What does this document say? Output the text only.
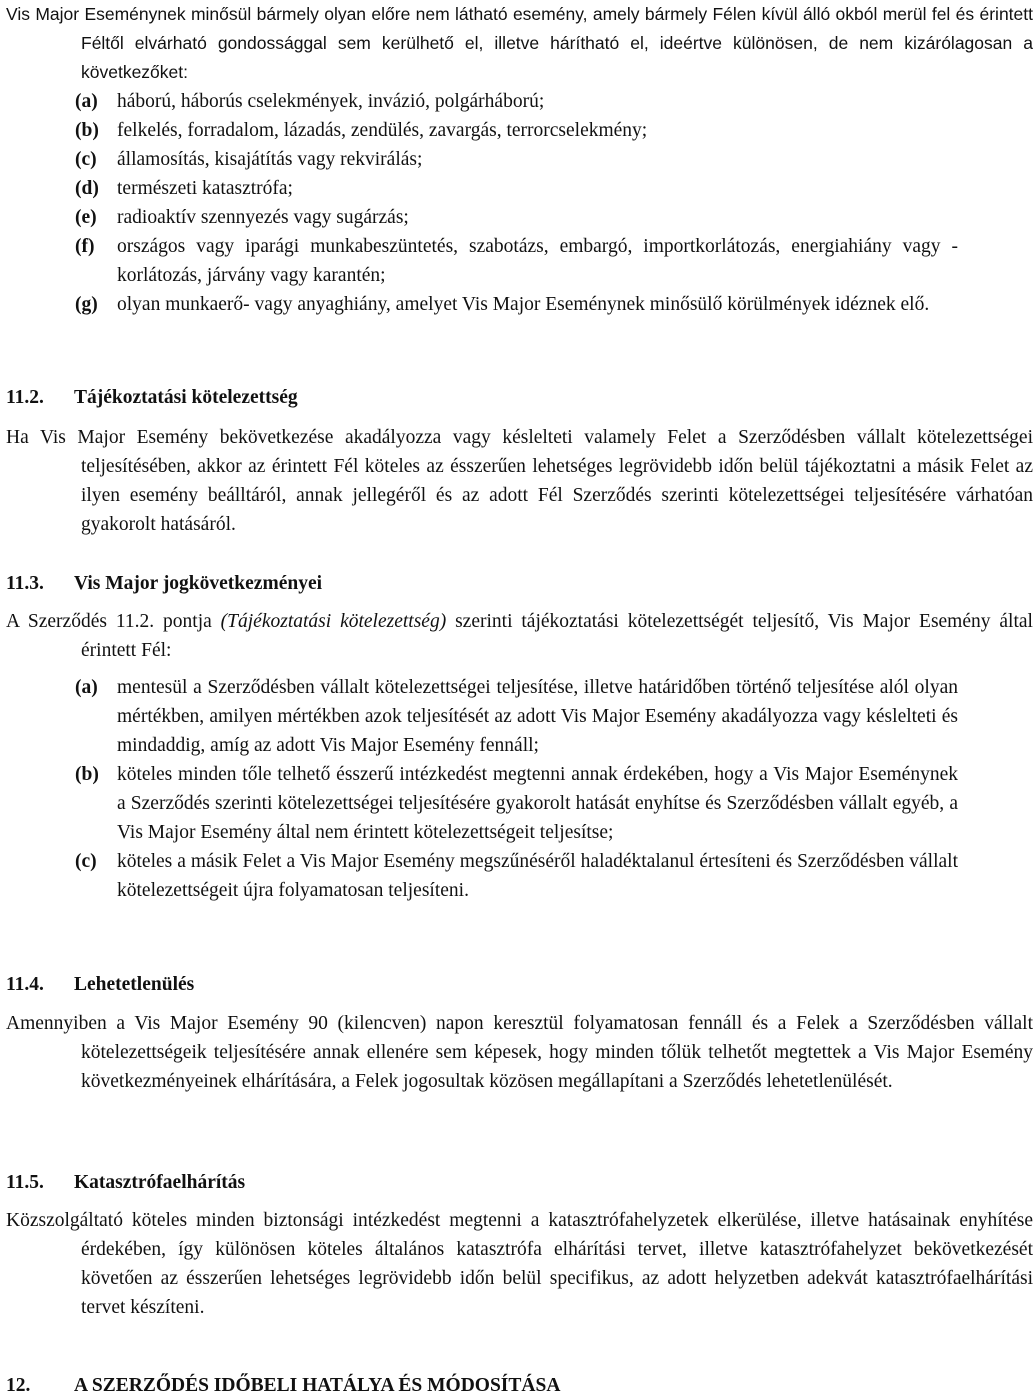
Vis Major Eseménynek minősül bármely olyan előre nem látható esemény, amely bármely Félen kívül álló okból merül fel és érintett Féltől elvárható gondossággal sem kerülhető el, illetve hárítható el, ideértve különösen, de nem kizárólagosan a következőket:
(a) háború, háborús cselekmények, invázió, polgárháború;
(b) felkelés, forradalom, lázadás, zendülés, zavargás, terrorcselekmény;
(c)	államosítás, kisajátítás vagy rekvirálás;
(d) természeti katasztrófa;
(e)	radioaktív szennyezés vagy sugárzás;
(f)	országos vagy iparági munkabeszüntetés, szabotázs, embargó, importkorlátozás, energiahiány vagy -korlátozás, járvány vagy karantén;
(g) olyan munkaerő- vagy anyaghiány, amelyet Vis Major Eseménynek minősülő körülmények idéznek elő.
11.2.	Tájékoztatási kötelezettség
Ha Vis Major Esemény bekövetkezése akadályozza vagy késlelteti valamely Felet a Szerződésben vállalt kötelezettségei teljesítésében, akkor az érintett Fél köteles az ésszerűen lehetséges legrövidebb időn belül tájékoztatni a másik Felet az ilyen esemény beálltáról, annak jellegéről és az adott Fél Szerződés szerinti kötelezettségei teljesítésére várhatóan gyakorolt hatásáról.
11.3.	Vis Major jogkövetkezményei
A Szerződés 11.2. pontja (Tájékoztatási kötelezettség) szerinti tájékoztatási kötelezettségét teljesítő, Vis Major Esemény által érintett Fél:
(a) mentesül a Szerződésben vállalt kötelezettségei teljesítése, illetve határidőben történő teljesítése alól olyan mértékben, amilyen mértékben azok teljesítését az adott Vis Major Esemény akadályozza vagy késlelteti és mindaddig, amíg az adott Vis Major Esemény fennáll;
(b) köteles minden tőle telhető ésszerű intézkedést megtenni annak érdekében, hogy a Vis Major Eseménynek a Szerződés szerinti kötelezettségei teljesítésére gyakorolt hatását enyhítse és Szerződésben vállalt egyéb, a Vis Major Esemény által nem érintett kötelezettségeit teljesítse;
(c)	köteles a másik Felet a Vis Major Esemény megszűnéséről haladéktalanul értesíteni és Szerződésben vállalt kötelezettségeit újra folyamatosan teljesíteni.
11.4.	Lehetetlenülés
Amennyiben a Vis Major Esemény 90 (kilencven) napon keresztül folyamatosan fennáll és a Felek a Szerződésben vállalt kötelezettségeik teljesítésére annak ellenére sem képesek, hogy minden tőlük telhetőt megtettek a Vis Major Esemény következményeinek elhárítására, a Felek jogosultak közösen megállapítani a Szerződés lehetetlenülését.
11.5.	Katasztrófaelhárítás
Közszolgáltató köteles minden biztonsági intézkedést megtenni a katasztrófahelyzetek elkerülése, illetve hatásainak enyhítése érdekében, így különösen köteles általános katasztrófa elhárítási tervet, illetve katasztrófahelyzet bekövetkezését követően az ésszerűen lehetséges legrövidebb időn belül specifikus, az adott helyzetben adekvát katasztrófaelhárítási tervet készíteni.
12.	A SZERZŐDÉS IDŐBELI HATÁLYA ÉS MÓDOSÍTÁSA
